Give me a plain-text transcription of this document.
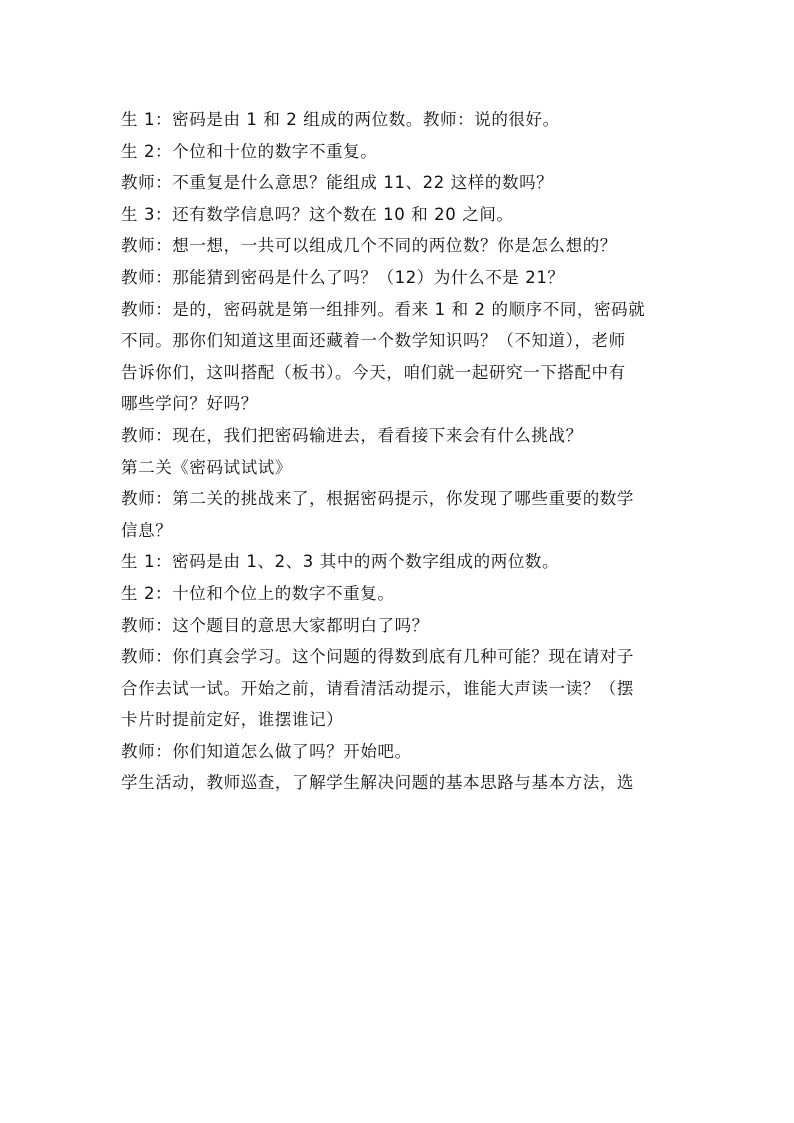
生 1：密码是由 1 和 2 组成的两位数。教师：说的很好。
生 2：个位和十位的数字不重复。
教师：不重复是什么意思？能组成 11、22 这样的数吗？
生 3：还有数学信息吗？这个数在 10 和 20 之间。
教师：想一想，一共可以组成几个不同的两位数？你是怎么想的？
教师：那能猜到密码是什么了吗？（12）为什么不是 21？
教师：是的，密码就是第一组排列。看来 1 和 2 的顺序不同，密码就
不同。那你们知道这里面还藏着一个数学知识吗？（不知道），老师
告诉你们，这叫搭配（板书）。今天，咱们就一起研究一下搭配中有
哪些学问？好吗？
教师：现在，我们把密码输进去，看看接下来会有什么挑战？
第二关《密码试试试》
教师：第二关的挑战来了，根据密码提示，你发现了哪些重要的数学
信息？
生 1：密码是由 1、2、3 其中的两个数字组成的两位数。
生 2：十位和个位上的数字不重复。
教师：这个题目的意思大家都明白了吗？
教师：你们真会学习。这个问题的得数到底有几种可能？现在请对子
合作去试一试。开始之前，请看清活动提示，谁能大声读一读？（摆
卡片时提前定好，谁摆谁记）
教师：你们知道怎么做了吗？开始吧。
学生活动，教师巡查，了解学生解决问题的基本思路与基本方法，选
